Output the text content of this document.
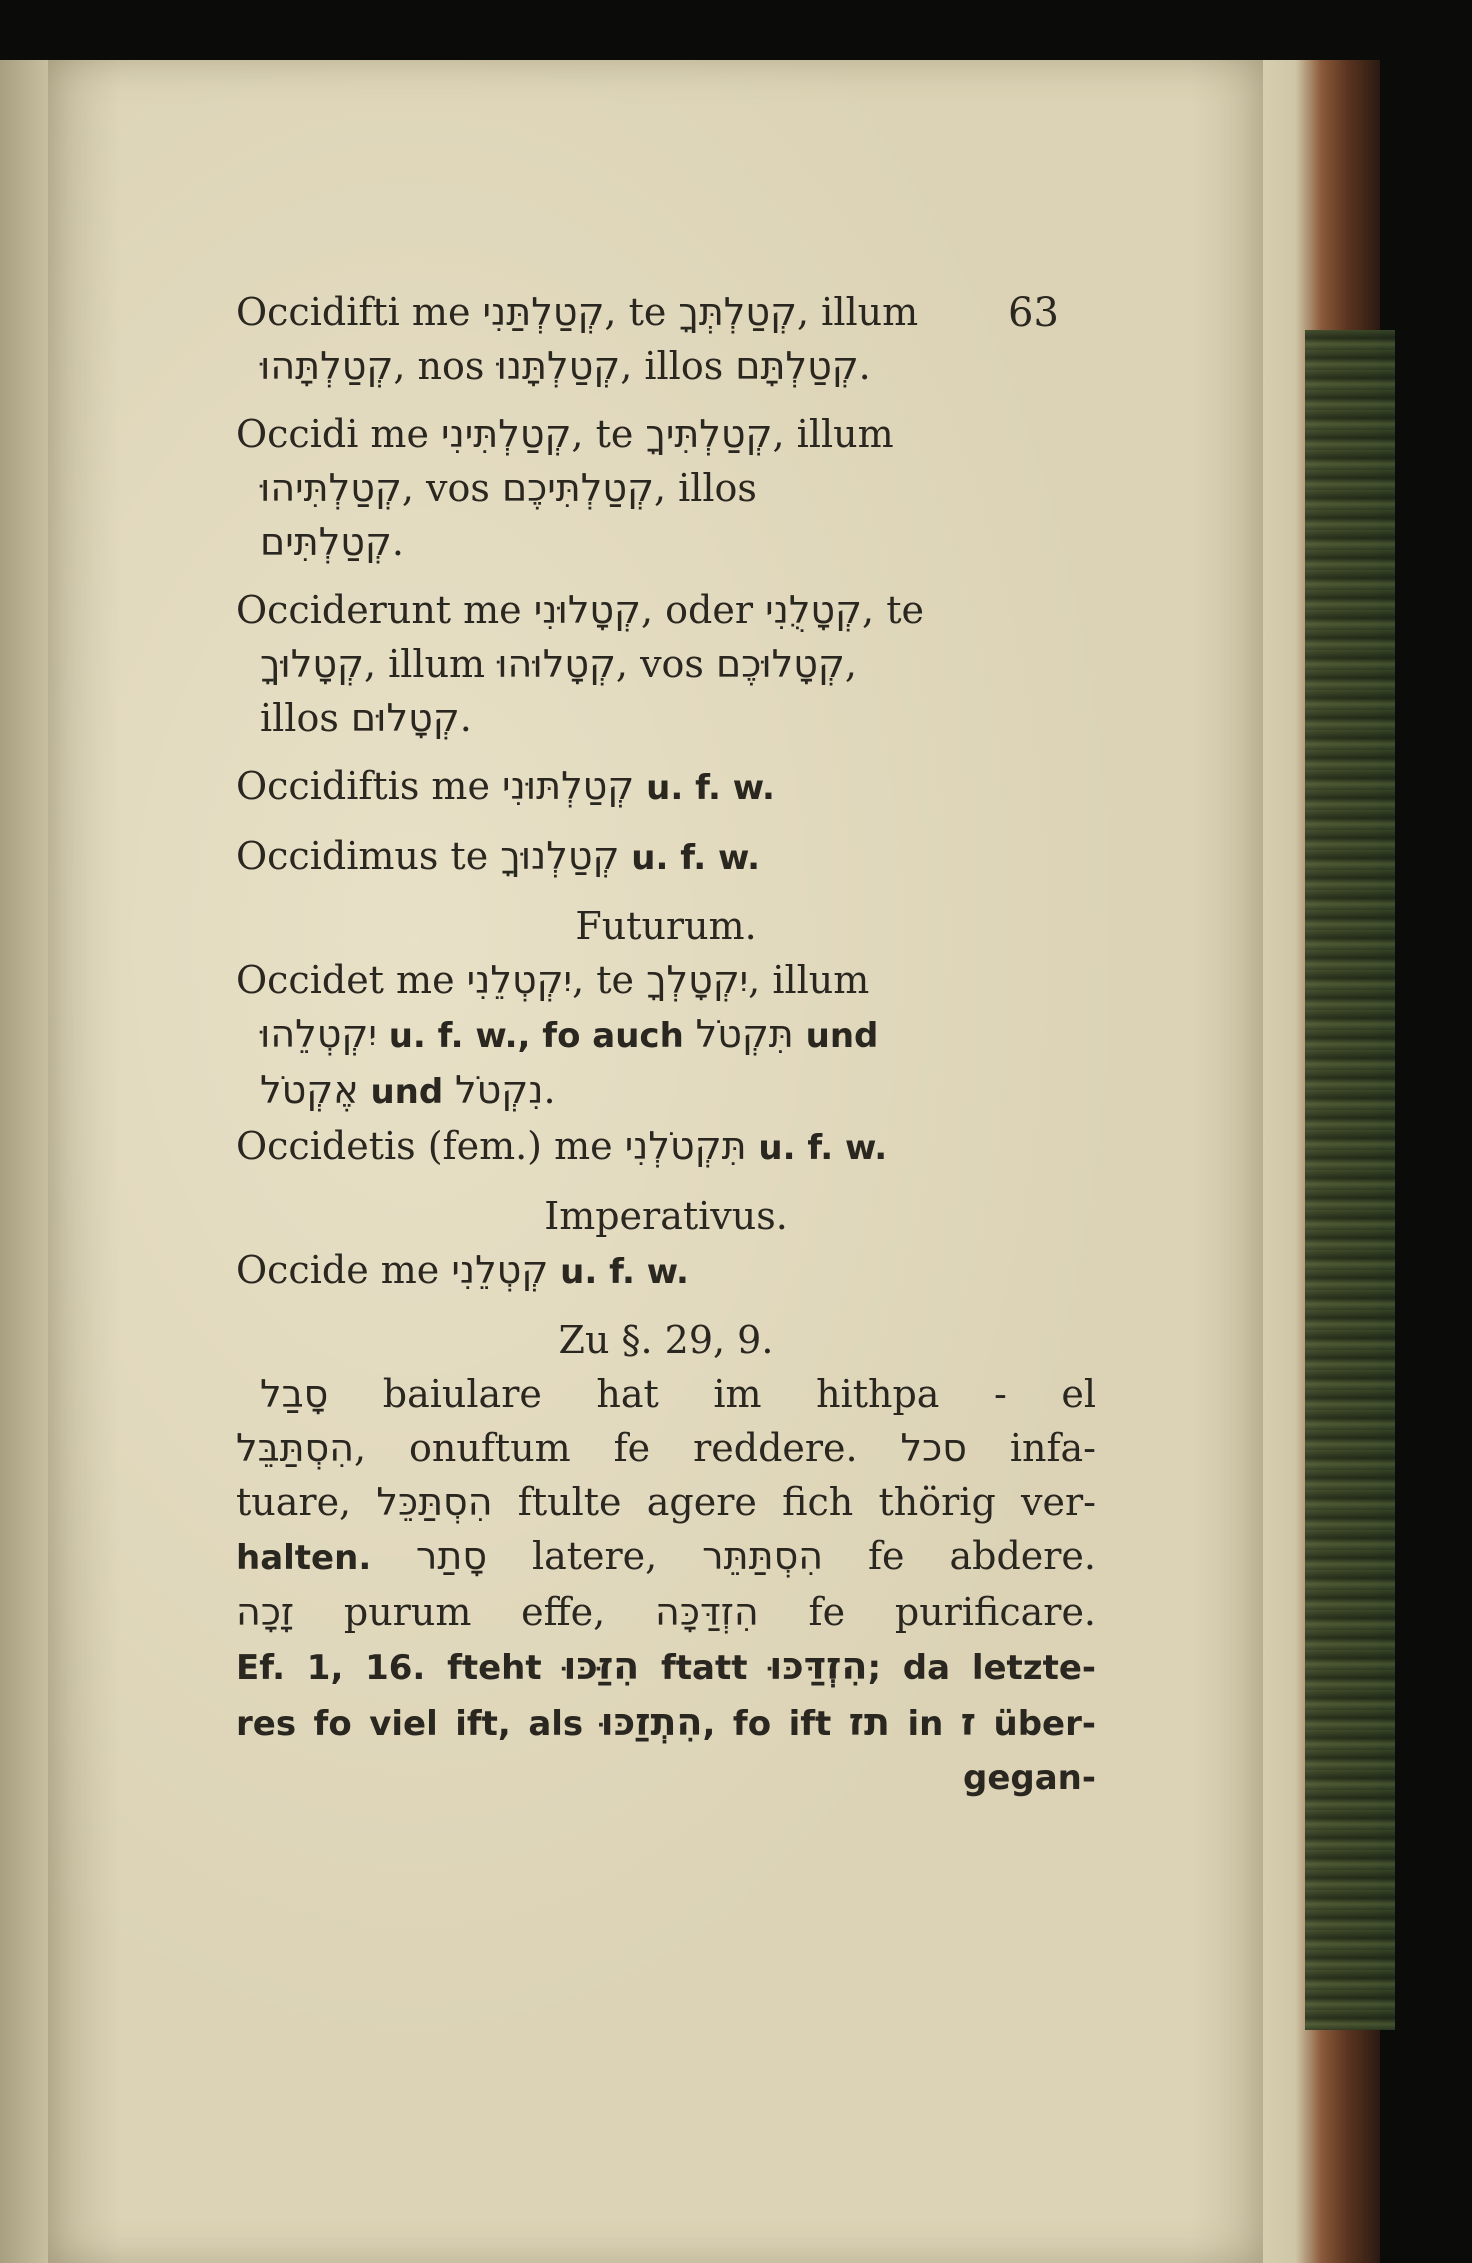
63
Occidifti me קְטַלְתַּנִי, te קְטַלְתְּךָ, illum
קְטַלְתָּהוּ, nos קְטַלְתָּנוּ, illos קְטַלְתָּם.
Occidi me קְטַלְתִּינִי, te קְטַלְתִּיךָ, illum
קְטַלְתִּיהוּ, vos קְטַלְתִּיכֶם, illos
קְטַלְתִּים.
Occiderunt me קְטָלוּנִי, oder קְטָלֻנִי, te
קְטָלוּךָ, illum קְטָלוּהוּ, vos קְטָלוּכֶם,
illos קְטָלוּם.
Occidiftis me קְטַלְתּוּנִי u. f. w.
Occidimus te קְטַלְנוּךָ u. f. w.
Futurum.
Occidet me יִקְטְלֵנִי, te יִקְטָלְךָ, illum
יִקְטְלֵהוּ u. f. w., fo auch תִּקְטֹל und
אֶקְטֹל und נִקְטֹל.
Occidetis (fem.) me תִּקְטֹלְנִי u. f. w.
Imperativus.
Occide me קְטְלֵנִי u. f. w.
Zu §. 29, 9.
סָבַל baiulare hat im hithpa - el
הִסְתַּבֵּל, onuftum fe reddere. סכל infa-
tuare, הִסְתַּכֵּל ftulte agere fich thörig ver-
halten. סָתַר latere, הִסְתַּתֵּר fe abdere.
זָכָה purum effe, הִזְדַּכָּה fe purificare.
Ef. 1, 16. fteht הִזַּכּוּ ftatt הִזְדַּכּוּ; da letzte-
res fo viel ift, als הִתְזַכּוּ, fo ift תז in ז über-
gegan-
